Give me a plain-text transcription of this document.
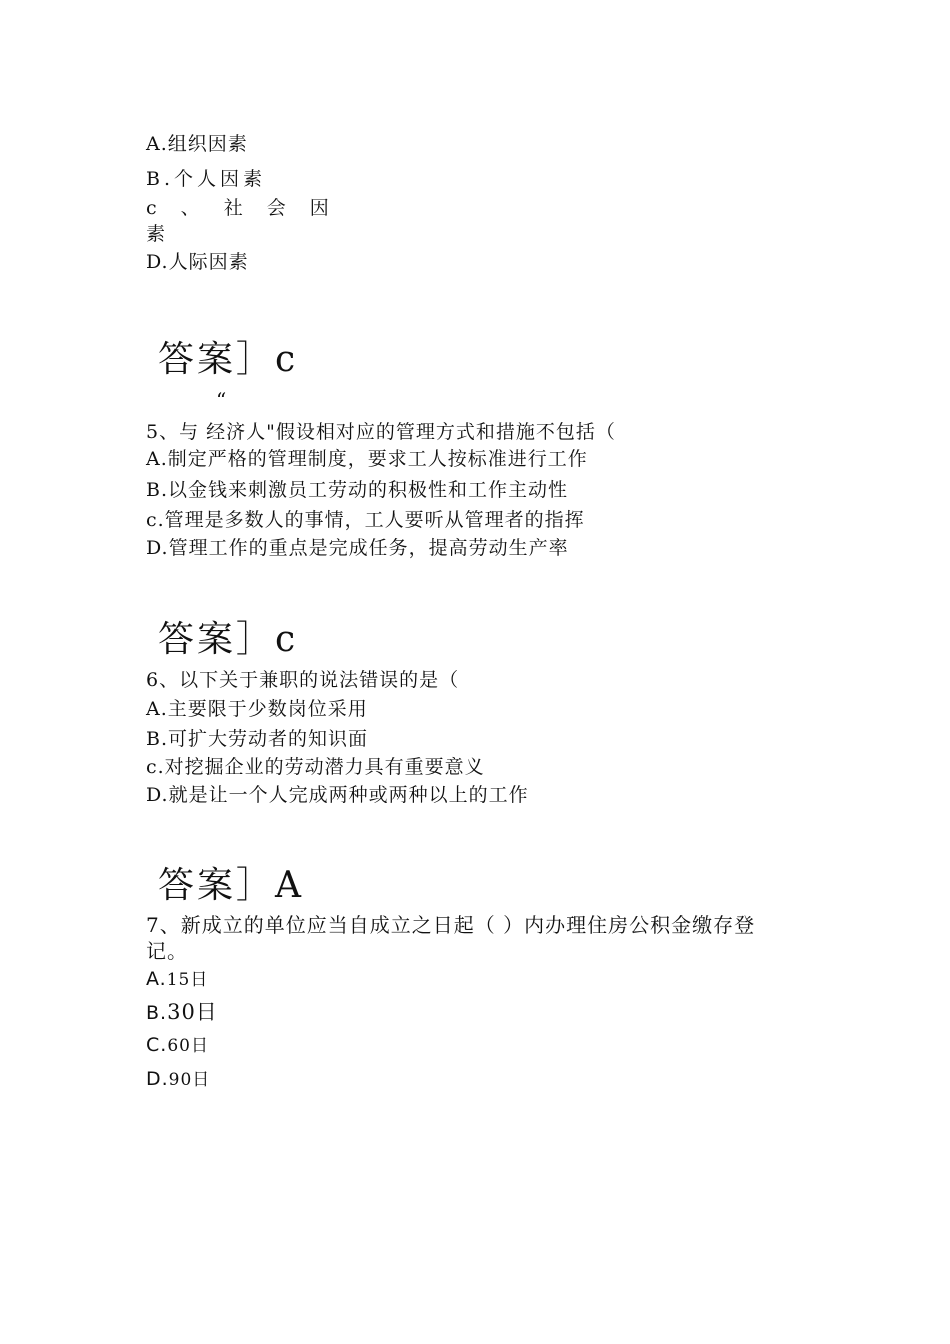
A.组织因素
B.个人因素
c 、 社 会 因
素
D.人际因素
答案］c
“
5、与 经济人"假设相对应的管理方式和措施不包括（
A.制定严格的管理制度，要求工人按标准进行工作
B.以金钱来刺激员工劳动的积极性和工作主动性
c.管理是多数人的事情，工人要听从管理者的指挥
D.管理工作的重点是完成任务，提高劳动生产率
答案］c
6、以下关于兼职的说法错误的是（
A.主要限于少数岗位采用
B.可扩大劳动者的知识面
c.对挖掘企业的劳动潜力具有重要意义
D.就是让一个人完成两种或两种以上的工作
答案］A
7、新成立的单位应当自成立之日起（ ）内办理住房公积金缴存登
记。
A.15日
B.30日
C.60日
D.90日
